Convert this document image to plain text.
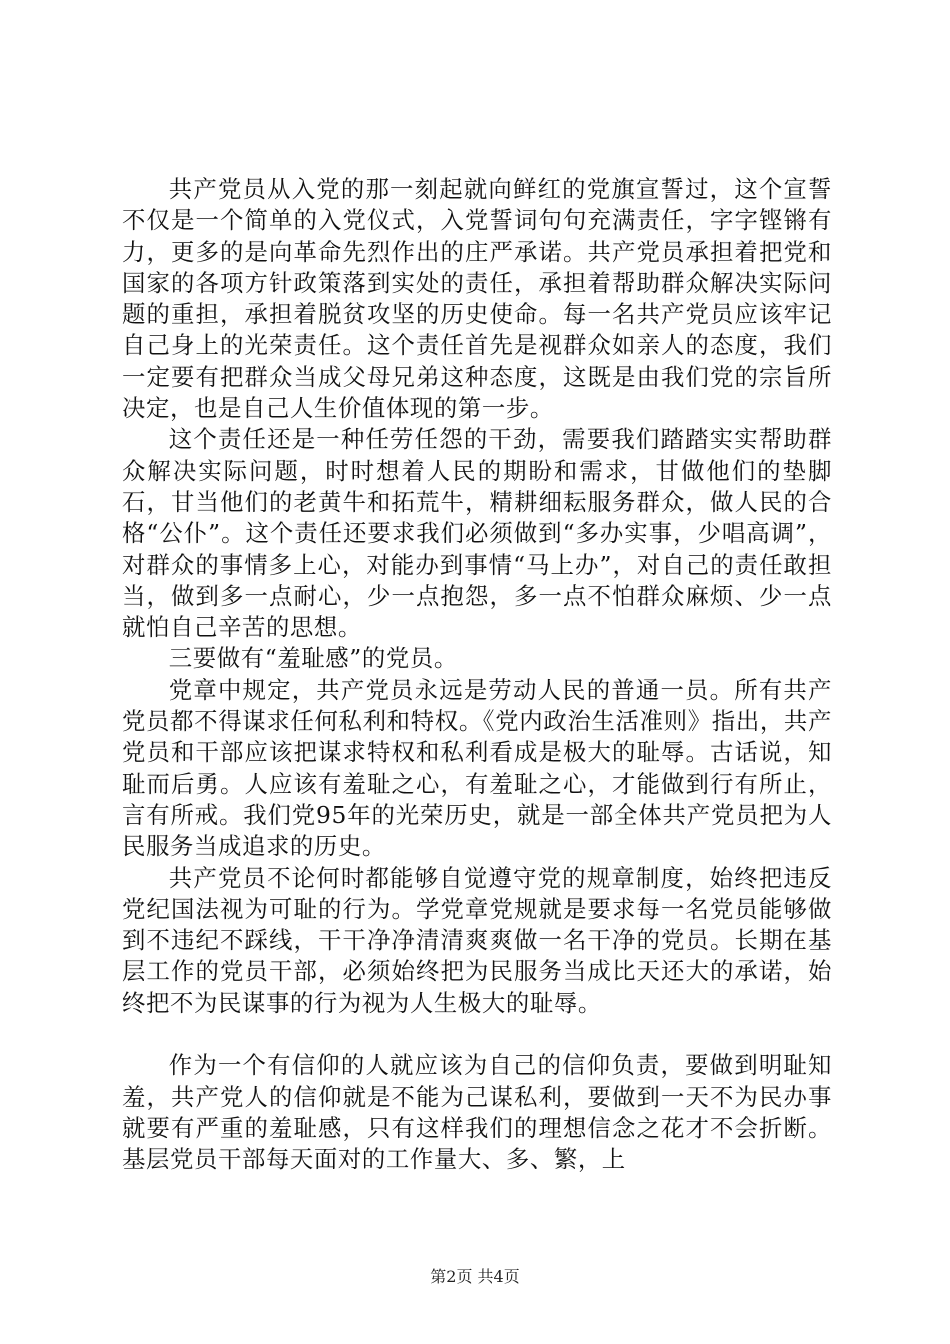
共产党员从入党的那一刻起就向鲜红的党旗宣誓过，这个宣誓不仅是一个简单的入党仪式，入党誓词句句充满责任，字字铿锵有力，更多的是向革命先烈作出的庄严承诺。共产党员承担着把党和国家的各项方针政策落到实处的责任，承担着帮助群众解决实际问题的重担，承担着脱贫攻坚的历史使命。每一名共产党员应该牢记自己身上的光荣责任。这个责任首先是视群众如亲人的态度，我们一定要有把群众当成父母兄弟这种态度，这既是由我们党的宗旨所决定，也是自己人生价值体现的第一步。

这个责任还是一种任劳任怨的干劲，需要我们踏踏实实帮助群众解决实际问题，时时想着人民的期盼和需求，甘做他们的垫脚石，甘当他们的老黄牛和拓荒牛，精耕细耘服务群众，做人民的合格“公仆”。这个责任还要求我们必须做到“多办实事，少唱高调”，对群众的事情多上心，对能办到事情“马上办”，对自己的责任敢担当，做到多一点耐心，少一点抱怨，多一点不怕群众麻烦、少一点就怕自己辛苦的思想。

三要做有“羞耻感”的党员。

党章中规定，共产党员永远是劳动人民的普通一员。所有共产党员都不得谋求任何私利和特权。《党内政治生活准则》指出，共产党员和干部应该把谋求特权和私利看成是极大的耻辱。古话说，知耻而后勇。人应该有羞耻之心，有羞耻之心，才能做到行有所止，言有所戒。我们党95年的光荣历史，就是一部全体共产党员把为人民服务当成追求的历史。

共产党员不论何时都能够自觉遵守党的规章制度，始终把违反党纪国法视为可耻的行为。学党章党规就是要求每一名党员能够做到不违纪不踩线，干干净净清清爽爽做一名干净的党员。长期在基层工作的党员干部，必须始终把为民服务当成比天还大的承诺，始终把不为民谋事的行为视为人生极大的耻辱。

作为一个有信仰的人就应该为自己的信仰负责，要做到明耻知羞，共产党人的信仰就是不能为己谋私利，要做到一天不为民办事就要有严重的羞耻感，只有这样我们的理想信念之花才不会折断。基层党员干部每天面对的工作量大、多、繁，上

第2页 共4页
